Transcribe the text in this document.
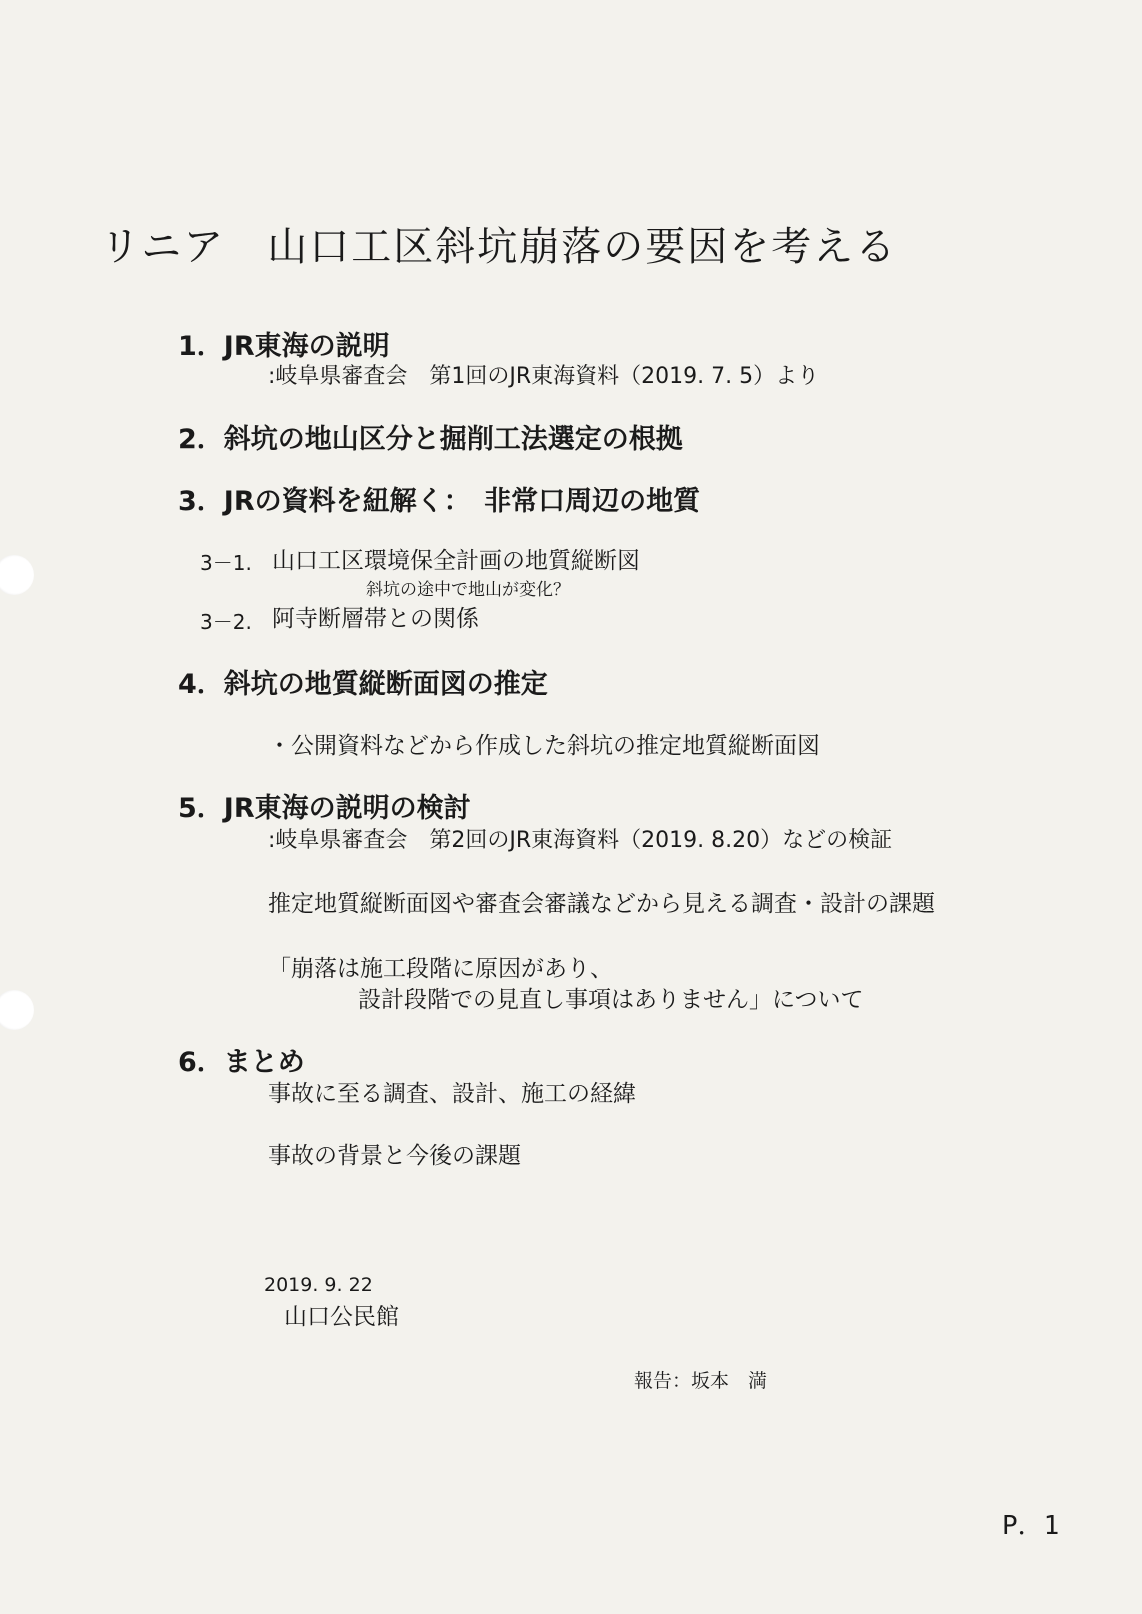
リニア　山口工区斜坑崩落の要因を考える
1．JR東海の説明
:岐阜県審査会　第1回のJR東海資料（2019. 7. 5）より
2．斜坑の地山区分と掘削工法選定の根拠
3．JRの資料を紐解く：　非常口周辺の地質
3－1. 山口工区環境保全計画の地質縦断図
斜坑の途中で地山が変化？
3－2. 阿寺断層帯との関係
4．斜坑の地質縦断面図の推定
・公開資料などから作成した斜坑の推定地質縦断面図
5．JR東海の説明の検討
:岐阜県審査会　第2回のJR東海資料（2019. 8.20）などの検証
推定地質縦断面図や審査会審議などから見える調査・設計の課題
「崩落は施工段階に原因があり、
設計段階での見直し事項はありません」について
6．まとめ
事故に至る調査、設計、施工の経緯
事故の背景と今後の課題
2019. 9. 22
山口公民館
報告：坂本　満
P．1
